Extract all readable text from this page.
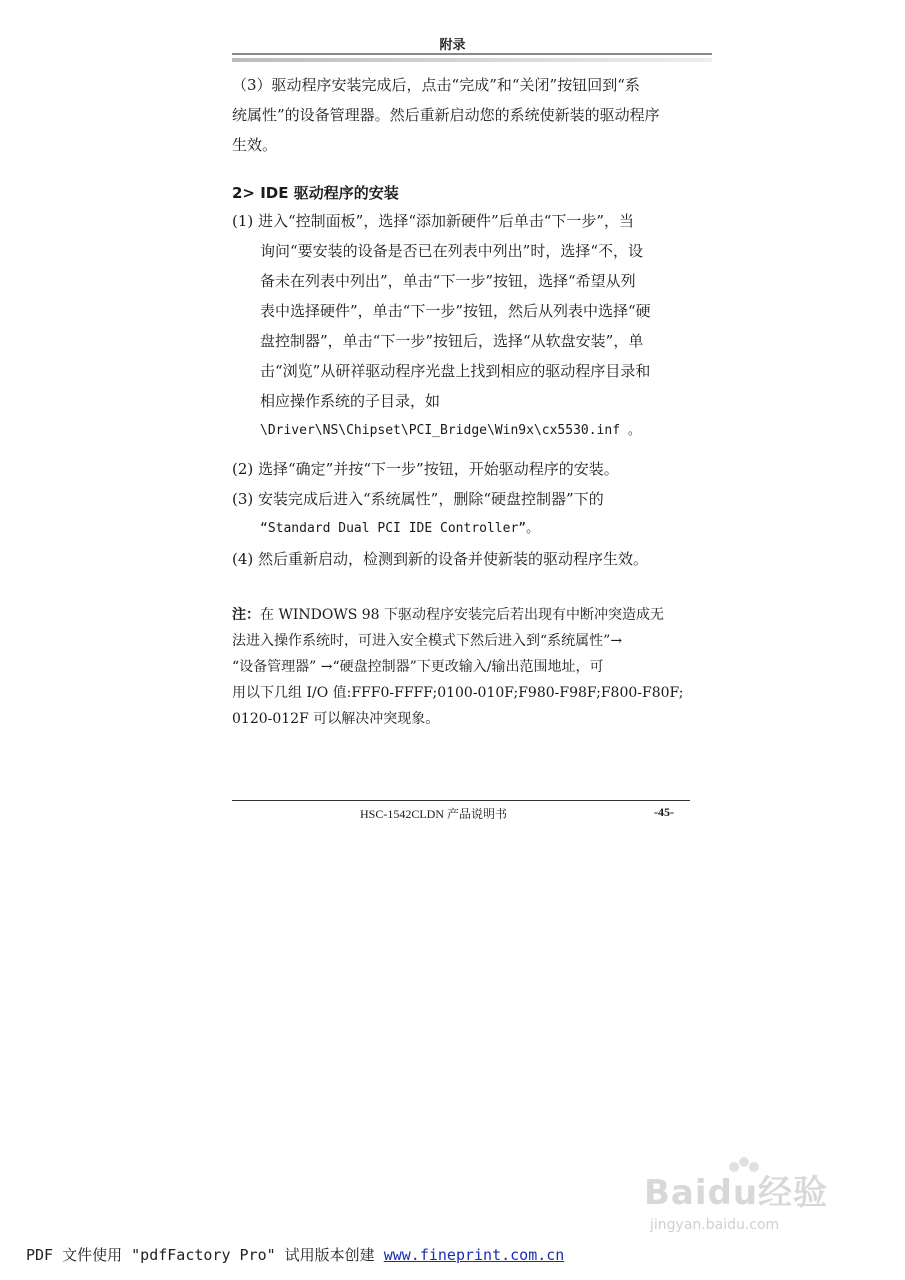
附录
（3）驱动程序安装完成后，点击“完成”和“关闭”按钮回到“系
统属性”的设备管理器。然后重新启动您的系统使新装的驱动程序
生效。
2> IDE 驱动程序的安装
(1) 进入“控制面板”，选择“添加新硬件”后单击“下一步”，当
询问“要安装的设备是否已在列表中列出”时，选择“不，设
备未在列表中列出”，单击“下一步”按钮，选择“希望从列
表中选择硬件”，单击“下一步”按钮，然后从列表中选择“硬
盘控制器”，单击“下一步”按钮后，选择“从软盘安装”，单
击“浏览”从研祥驱动程序光盘上找到相应的驱动程序目录和
相应操作系统的子目录，如
\Driver\NS\Chipset\PCI_Bridge\Win9x\cx5530.inf 。
(2) 选择“确定”并按“下一步”按钮，开始驱动程序的安装。
(3) 安装完成后进入“系统属性”，删除“硬盘控制器”下的
“Standard Dual PCI IDE Controller”。
(4) 然后重新启动，检测到新的设备并使新装的驱动程序生效。
注：在 WINDOWS 98 下驱动程序安装完后若出现有中断冲突造成无
法进入操作系统时，可进入安全模式下然后进入到“系统属性”→
“设备管理器” →“硬盘控制器”下更改输入/输出范围地址，可
用以下几组 I/O 值:FFF0-FFFF;0100-010F;F980-F98F;F800-F80F;
0120-012F 可以解决冲突现象。
HSC-1542CLDN 产品说明书	-45-
Baidu经验
jingyan.baidu.com
PDF 文件使用 "pdfFactory Pro" 试用版本创建 www.fineprint.com.cn
